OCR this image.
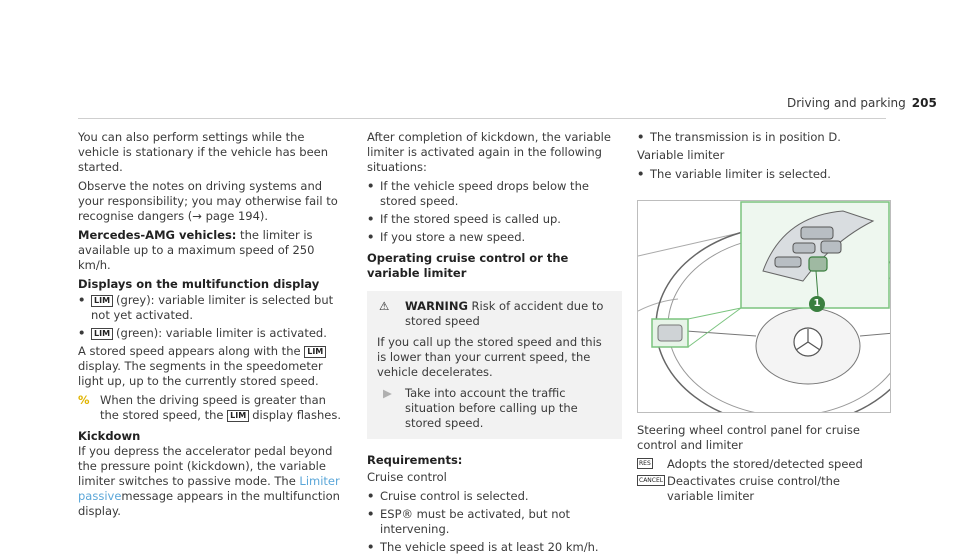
Driving and parking 205

You can also perform settings while the vehicle is stationary if the vehicle has been started.

Observe the notes on driving systems and your responsibility; you may otherwise fail to recognise dangers (→ page 194).

Mercedes-AMG vehicles: the limiter is available up to a maximum speed of 250 km/h.

Displays on the multifunction display

• LIM (grey): variable limiter is selected but not yet activated.
• LIM (green): variable limiter is activated.

A stored speed appears along with the LIMdisplay. The segments in the speedometer light up, up to the currently stored speed.

% When the driving speed is greater than the stored speed, the LIM display flashes.

Kickdown

If you depress the accelerator pedal beyond the pressure point (kickdown), the variable limiter switches to passive mode. The Limiter passivemessage appears in the multifunction display.

After completion of kickdown, the variable limiter is activated again in the following situations:

• If the vehicle speed drops below the stored speed.
• If the stored speed is called up.
• If you store a new speed.

Operating cruise control or the variable limiter

⚠ WARNING Risk of accident due to stored speed

If you call up the stored speed and this is lower than your current speed, the vehicle decelerates.

▶ Take into account the traffic situation before calling up the stored speed.

Requirements:

Cruise control

• Cruise control is selected.
• ESP® must be activated, but not intervening.
• The vehicle speed is at least 20 km/h.
• The transmission is in position D.

Variable limiter

• The variable limiter is selected.
1

Steering wheel control panel for cruise control and limiter

RES Adopts the stored/detected speed
CANCEL Deactivates cruise control/the variable limiter
